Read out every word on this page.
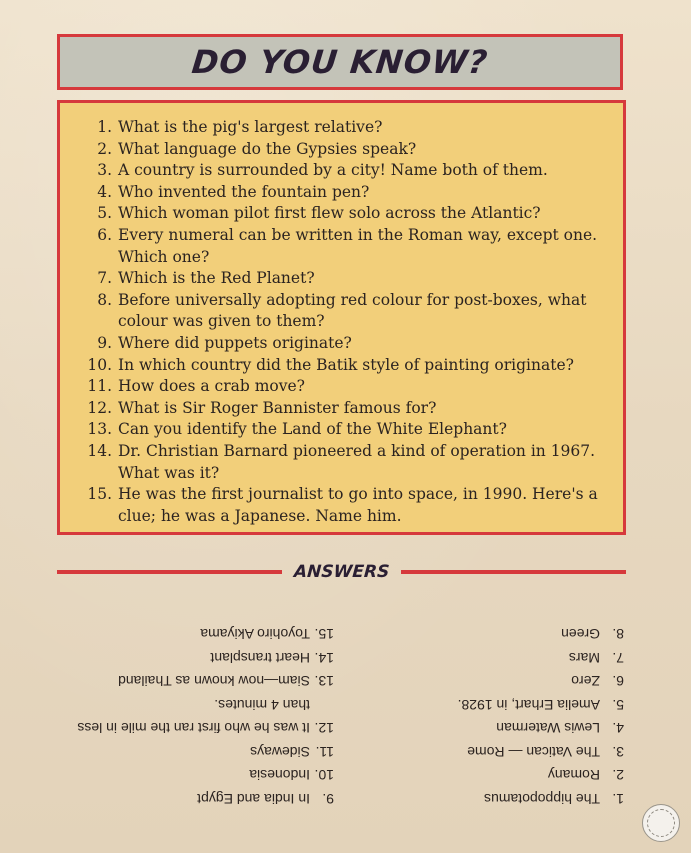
DO YOU KNOW?
1. What is the pig's largest relative?
2. What language do the Gypsies speak?
3. A country is surrounded by a city! Name both of them.
4. Who invented the fountain pen?
5. Which woman pilot first flew solo across the Atlantic?
6. Every numeral can be written in the Roman way, except one. Which one?
7. Which is the Red Planet?
8. Before universally adopting red colour for post-boxes, what colour was given to them?
9. Where did puppets originate?
10. In which country did the Batik style of painting originate?
11. How does a crab move?
12. What is Sir Roger Bannister famous for?
13. Can you identify the Land of the White Elephant?
14. Dr. Christian Barnard pioneered a kind of operation in 1967. What was it?
15. He was the first journalist to go into space, in 1990. Here's a clue; he was a Japanese. Name him.
ANSWERS
1.
The hippopotamus
2.
Romany
3.
The Vatican — Rome
4.
Lewis Waterman
5.
Amelia Erhart, in 1928.
6.
Zero
7.
Mars
8.
Green
9.
In India and Egypt
10.
Indonesia
11.
Sideways
12.
It was he who first ran the mile in less than 4 minutes.
13.
Siam—now known as Thailand
14.
Heart transplant
15.
Toyohiro Akiyama
